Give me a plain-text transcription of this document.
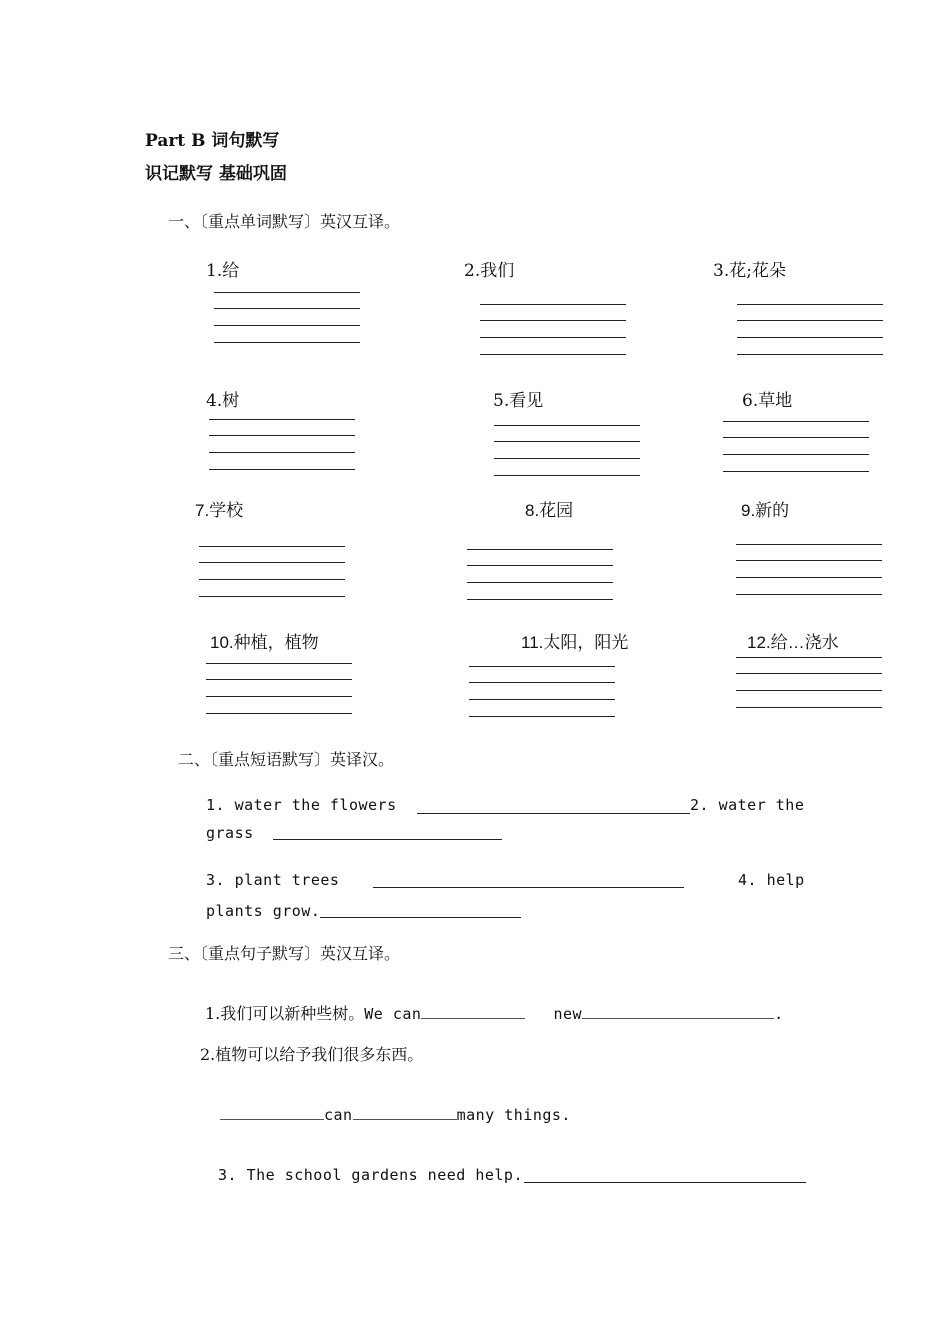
Part B 词句默写
识记默写 基础巩固
一、〔重点单词默写〕英汉互译。
1.给	2.我们	3.花;花朵
4.树	5.看见	6.草地
7.学校	8.花园	9.新的
10.种植，植物	11.太阳，阳光	12.给…浇水
二、〔重点短语默写〕英译汉。
1. water the flowers	2. water the
grass
3. plant trees	4. help
plants grow.
三、〔重点句子默写〕英汉互译。
1.我们可以新种些树。We can	new	.
2.植物可以给予我们很多东西。
can	many things.
3. The school gardens need help.
